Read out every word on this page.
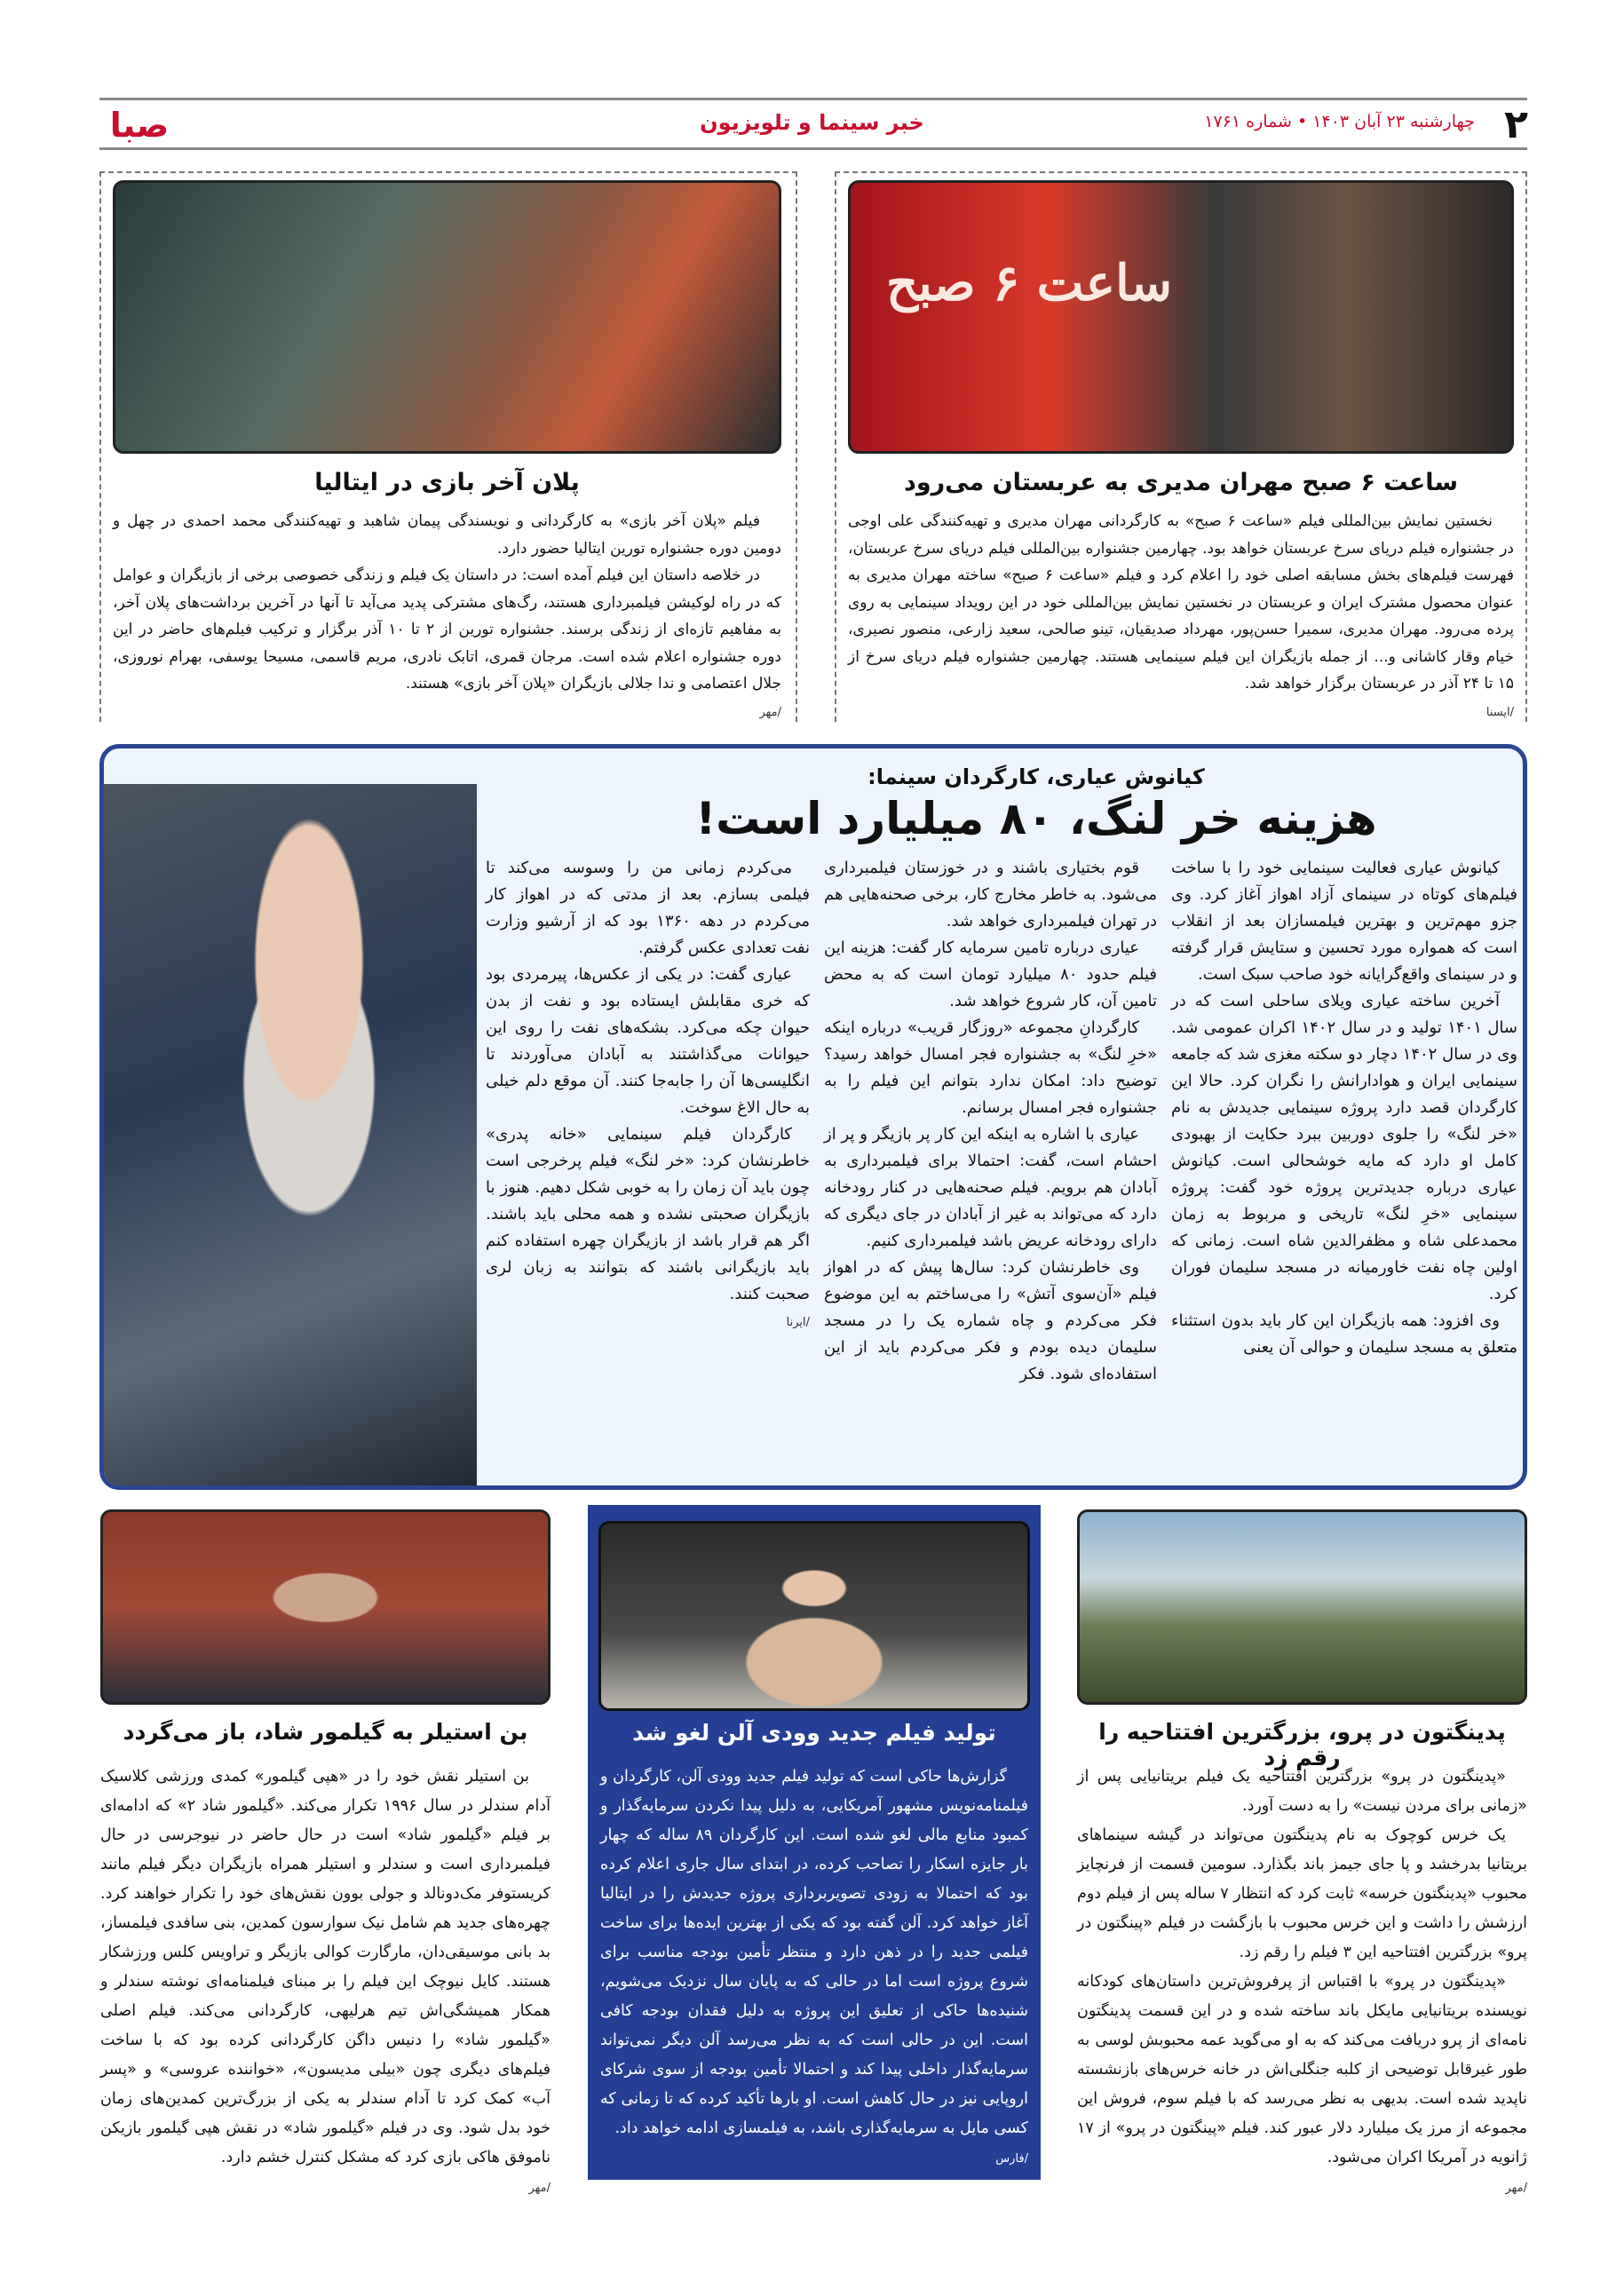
۲
چهارشنبه ۲۳ آبان ۱۴۰۳ • شماره ۱۷۶۱
خبر سینما و تلویزیون
صبا
ساعت ۶ صبح
ساعت ۶ صبح مهران مدیری به عربستان می‌رود

نخستین نمایش بین‌المللی فیلم «ساعت ۶ صبح» به کارگردانی مهران مدیری و تهیه‌کنندگی علی اوجی در جشنواره فیلم دریای سرخ عربستان خواهد بود. چهارمین جشنواره بین‌المللی فیلم دریای سرخ عربستان، فهرست فیلم‌های بخش مسابقه اصلی خود را اعلام کرد و فیلم «ساعت ۶ صبح» ساخته مهران مدیری به عنوان محصول مشترک ایران و عربستان در نخستین نمایش بین‌المللی خود در این رویداد سینمایی به روی پرده می‌رود. مهران مدیری، سمیرا حسن‌پور، مهرداد صدیقیان، تینو صالحی، سعید زارعی، منصور نصیری، خیام وقار کاشانی و... از جمله بازیگران این فیلم سینمایی هستند. چهارمین جشنواره فیلم دریای سرخ از ۱۵ تا ۲۴ آذر در عربستان برگزار خواهد شد.

/ایسنا
پلان آخر بازی در ایتالیا

فیلم «پلان آخر بازی» به کارگردانی و نویسندگی پیمان شاهبد و تهیه‌کنندگی محمد احمدی در چهل و دومین دوره جشنواره تورین ایتالیا حضور دارد.

در خلاصه داستان این فیلم آمده است: در داستان یک فیلم و زندگی خصوصی برخی از بازیگران و عوامل که در راه لوکیشن فیلمبرداری هستند، رگ‌های مشترکی پدید می‌آید تا آنها در آخرین برداشت‌های پلان آخر، به مفاهیم تازه‌ای از زندگی برسند. جشنواره تورین از ۲ تا ۱۰ آذر برگزار و ترکیب فیلم‌های حاضر در این دوره جشنواره اعلام شده است. مرجان قمری، اتابک نادری، مریم قاسمی، مسیحا یوسفی، بهرام نوروزی، جلال اعتصامی و ندا جلالی بازیگران «پلان آخر بازی» هستند.

/مهر
کیانوش عیاری، کارگردان سینما:
هزینه خر لنگ، ۸۰ میلیارد است!

کیانوش عیاری فعالیت سینمایی خود را با ساخت فیلم‌های کوتاه در سینمای آزاد اهواز آغاز کرد. وی جزو مهم‌ترین و بهترین فیلمسازان بعد از انقلاب است که همواره مورد تحسین و ستایش قرار گرفته و در سینمای واقع‌گرایانه خود صاحب سبک است.

آخرین ساخته عیاری ویلای ساحلی است که در سال ۱۴۰۱ تولید و در سال ۱۴۰۲ اکران عمومی شد. وی در سال ۱۴۰۲ دچار دو سکته مغزی شد که جامعه سینمایی ایران و هوادارانش را نگران کرد. حالا این کارگردان قصد دارد پروژه سینمایی جدیدش به نام «خر لنگ» را جلوی دوربین ببرد حکایت از بهبودی کامل او دارد که مایه خوشحالی است. کیانوش عیاری درباره جدیدترین پروژه خود گفت: پروژه سینمایی «خرِ لنگ» تاریخی و مربوط به زمان محمدعلی شاه و مظفرالدین شاه است. زمانی که اولین چاه نفت خاورمیانه در مسجد سلیمان فوران کرد.

وی افزود: همه بازیگران این کار باید بدون استثناء متعلق به مسجد سلیمان و حوالی آن یعنی

قوم بختیاری باشند و در خوزستان فیلمبرداری می‌شود. به خاطر مخارج کار، برخی صحنه‌هایی هم در تهران فیلمبرداری خواهد شد.

عیاری درباره تامین سرمایه کار گفت: هزینه این فیلم حدود ۸۰ میلیارد تومان است که به محض تامین آن، کار شروع خواهد شد.

کارگردانِ مجموعه «روزگار قریب» درباره اینکه «خرِ لنگ» به جشنواره فجر امسال خواهد رسید؟ توضیح داد: امکان ندارد بتوانم این فیلم را به جشنواره فجر امسال برسانم.

عیاری با اشاره به اینکه این کار پر بازیگر و پر از احشام است، گفت: احتمالا برای فیلمبرداری به آبادان هم برویم. فیلم صحنه‌هایی در کنار رودخانه دارد که می‌تواند به غیر از آبادان در جای دیگری که دارای رودخانه عریض باشد فیلمبرداری کنیم.

وی خاطرنشان کرد: سال‌ها پیش که در اهواز فیلم «آن‌سوی آتش» را می‌ساختم به این موضوع فکر می‌کردم و چاه شماره یک را در مسجد سلیمان دیده بودم و فکر می‌کردم باید از این استفاده‌ای شود. فکر

می‌کردم زمانی من را وسوسه می‌کند تا فیلمی بسازم. بعد از مدتی که در اهواز کار می‌کردم در دهه ۱۳۶۰ بود که از آرشیو وزارت نفت تعدادی عکس گرفتم.

عیاری گفت: در یکی از عکس‌ها، پیرمردی بود که خری مقابلش ایستاده بود و نفت از بدن حیوان چکه می‌کرد. بشکه‌های نفت را روی این حیوانات می‌گذاشتند به آبادان می‌آوردند تا انگلیسی‌ها آن را جابه‌جا کنند. آن موقع دلم خیلی به حال الاغ سوخت.

کارگردان فیلم سینمایی «خانه پدری» خاطرنشان کرد: «خر لنگ» فیلم پرخرجی است چون باید آن زمان را به خوبی شکل دهیم. هنوز با بازیگران صحبتی نشده و همه محلی باید باشند. اگر هم قرار باشد از بازیگران چهره استفاده کنم باید بازیگرانی باشند که بتوانند به زبان لری صحبت کنند.

/ایرنا
پدینگتون در پرو، بزرگترین افتتاحیه را رقم زد

«پدینگتون در پرو» بزرگترین افتتاحیه یک فیلم بریتانیایی پس از «زمانی برای مردن نیست» را به دست آورد.

یک خرس کوچوک به نام پدینگتون می‌تواند در گیشه سینماهای بریتانیا بدرخشد و پا جای جیمز باند بگذارد. سومین قسمت از فرنچایز محبوب «پدینگتون خرسه» ثابت کرد که انتظار ۷ ساله پس از فیلم دوم ارزشش را داشت و این خرس محبوب با بازگشت در فیلم «پینگتون در پرو» بزرگترین افتتاحیه این ۳ فیلم را رقم زد.

«پدینگتون در پرو» با اقتباس از پرفروش‌ترین داستان‌های کودکانه نویسنده بریتانیایی مایکل باند ساخته شده و در این قسمت پدینگتون نامه‌ای از پرو دریافت می‌کند که به او می‌گوید عمه محبوبش لوسی به طور غیرقابل توضیحی از کلبه جنگلی‌اش در خانه خرس‌های بازنشسته ناپدید شده است. بدیهی به نظر می‌رسد که با فیلم سوم، فروش این مجموعه از مرز یک میلیارد دلار عبور کند. فیلم «پینگتون در پرو» از ۱۷ ژانویه در آمریکا اکران می‌شود.

/مهر
تولید فیلم جدید وودی آلن لغو شد

گزارش‌ها حاکی است که تولید فیلم جدید وودی آلن، کارگردان و فیلمنامه‌نویس مشهور آمریکایی، به دلیل پیدا نکردن سرمایه‌گذار و کمبود منابع مالی لغو شده است. این کارگردان ۸۹ ساله که چهار بار جایزه اسکار را تصاحب کرده، در ابتدای سال جاری اعلام کرده بود که احتمالا به زودی تصویربرداری پروژه جدیدش را در ایتالیا آغاز خواهد کرد. آلن گفته بود که یکی از بهترین ایده‌ها برای ساخت فیلمی جدید را در ذهن دارد و منتظر تأمین بودجه مناسب برای شروع پروژه است اما در حالی که به پایان سال نزدیک می‌شویم، شنیده‌ها حاکی از تعلیق این پروژه به دلیل فقدان بودجه کافی است. این در حالی است که به نظر می‌رسد آلن دیگر نمی‌تواند سرمایه‌گذار داخلی پیدا کند و احتمالا تأمین بودجه از سوی شرکای اروپایی نیز در حال کاهش است. او بارها تأکید کرده که تا زمانی که کسی مایل به سرمایه‌گذاری باشد، به فیلمسازی ادامه خواهد داد.

/فارس
بن استیلر به گیلمور شاد، باز می‌گردد

بن استیلر نقش خود را در «هپی گیلمور» کمدی ورزشی کلاسیک آدام سندلر در سال ۱۹۹۶ تکرار می‌کند. «گیلمور شاد ۲» که ادامه‌ای بر فیلم «گیلمور شاد» است در حال حاضر در نیوجرسی در حال فیلمبرداری است و سندلر و استیلر همراه بازیگران دیگر فیلم مانند کریستوفر مک‌دونالد و جولی بوون نقش‌های خود را تکرار خواهند کرد. چهره‌های جدید هم شامل نیک سوارسون کمدین، بنی سافدی فیلمساز، بد بانی موسیقی‌دان، مارگارت کوالی بازیگر و تراویس کلس ورزشکار هستند. کایل نیوچک این فیلم را بر مبنای فیلمنامه‌ای نوشته سندلر و همکار همیشگی‌اش تیم هرلیهی، کارگردانی می‌کند. فیلم اصلی «گیلمور شاد» را دنیس داگن کارگردانی کرده بود که با ساخت فیلم‌های دیگری چون «بیلی مدیسون»، «خواننده عروسی» و «پسر آب» کمک کرد تا آدام سندلر به یکی از بزرگ‌ترین کمدین‌های زمان خود بدل شود. وی در فیلم «گیلمور شاد» در نقش هپی گیلمور بازیکن ناموفق هاکی بازی کرد که مشکل کنترل خشم دارد.

/مهر
